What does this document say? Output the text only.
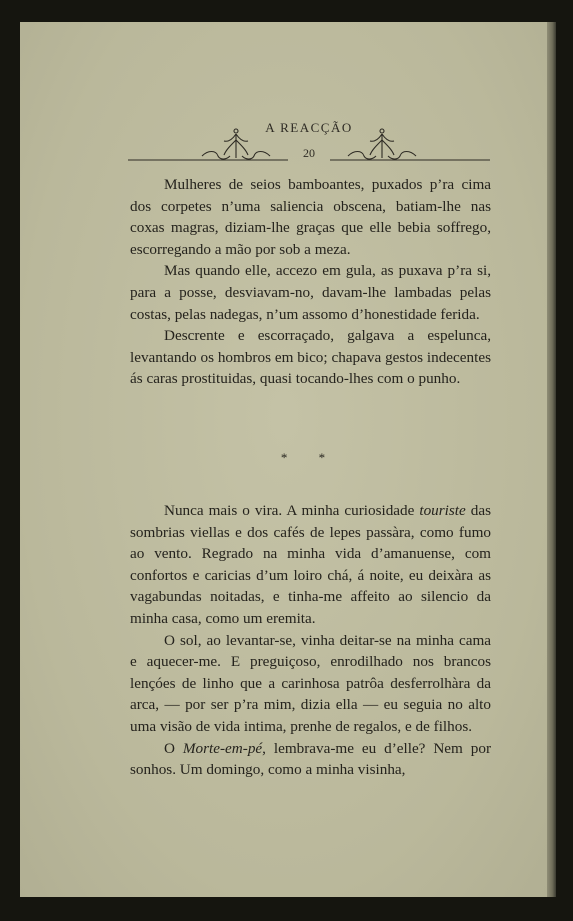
A REACÇÃO
20

Mulheres de seios bamboantes, puxados p’ra cima dos corpetes n’uma saliencia obscena, batiam-lhe nas coxas magras, diziam-lhe graças que elle bebia soffrego, escorregando a mão por sob a meza.

Mas quando elle, accezo em gula, as puxava p’ra si, para a posse, desviavam-no, davam-lhe lambadas pelas costas, pelas nadegas, n’um assomo d’honestidade ferida.

Descrente e escorraçado, galgava a espelunca, levantando os hombros em bico; chapava gestos indecentes ás caras prostituidas, quasi tocando-lhes com o punho.

* *

Nunca mais o vira. A minha curiosidade touriste das sombrias viellas e dos cafés de lepes passàra, como fumo ao vento. Regrado na minha vida d’amanuense, com confortos e caricias d’um loiro chá, á noite, eu deixàra as vagabundas noitadas, e tinha-me affeito ao silencio da minha casa, como um eremita.

O sol, ao levantar-se, vinha deitar-se na minha cama e aquecer-me. E preguiçoso, enrodilhado nos brancos lençóes de linho que a carinhosa patrôa desferrolhàra da arca, — por ser p’ra mim, dizia ella — eu seguia no alto uma visão de vida intima, prenhe de regalos, e de filhos.

O Morte-em-pé, lembrava-me eu d’elle? Nem por sonhos. Um domingo, como a minha visinha,
